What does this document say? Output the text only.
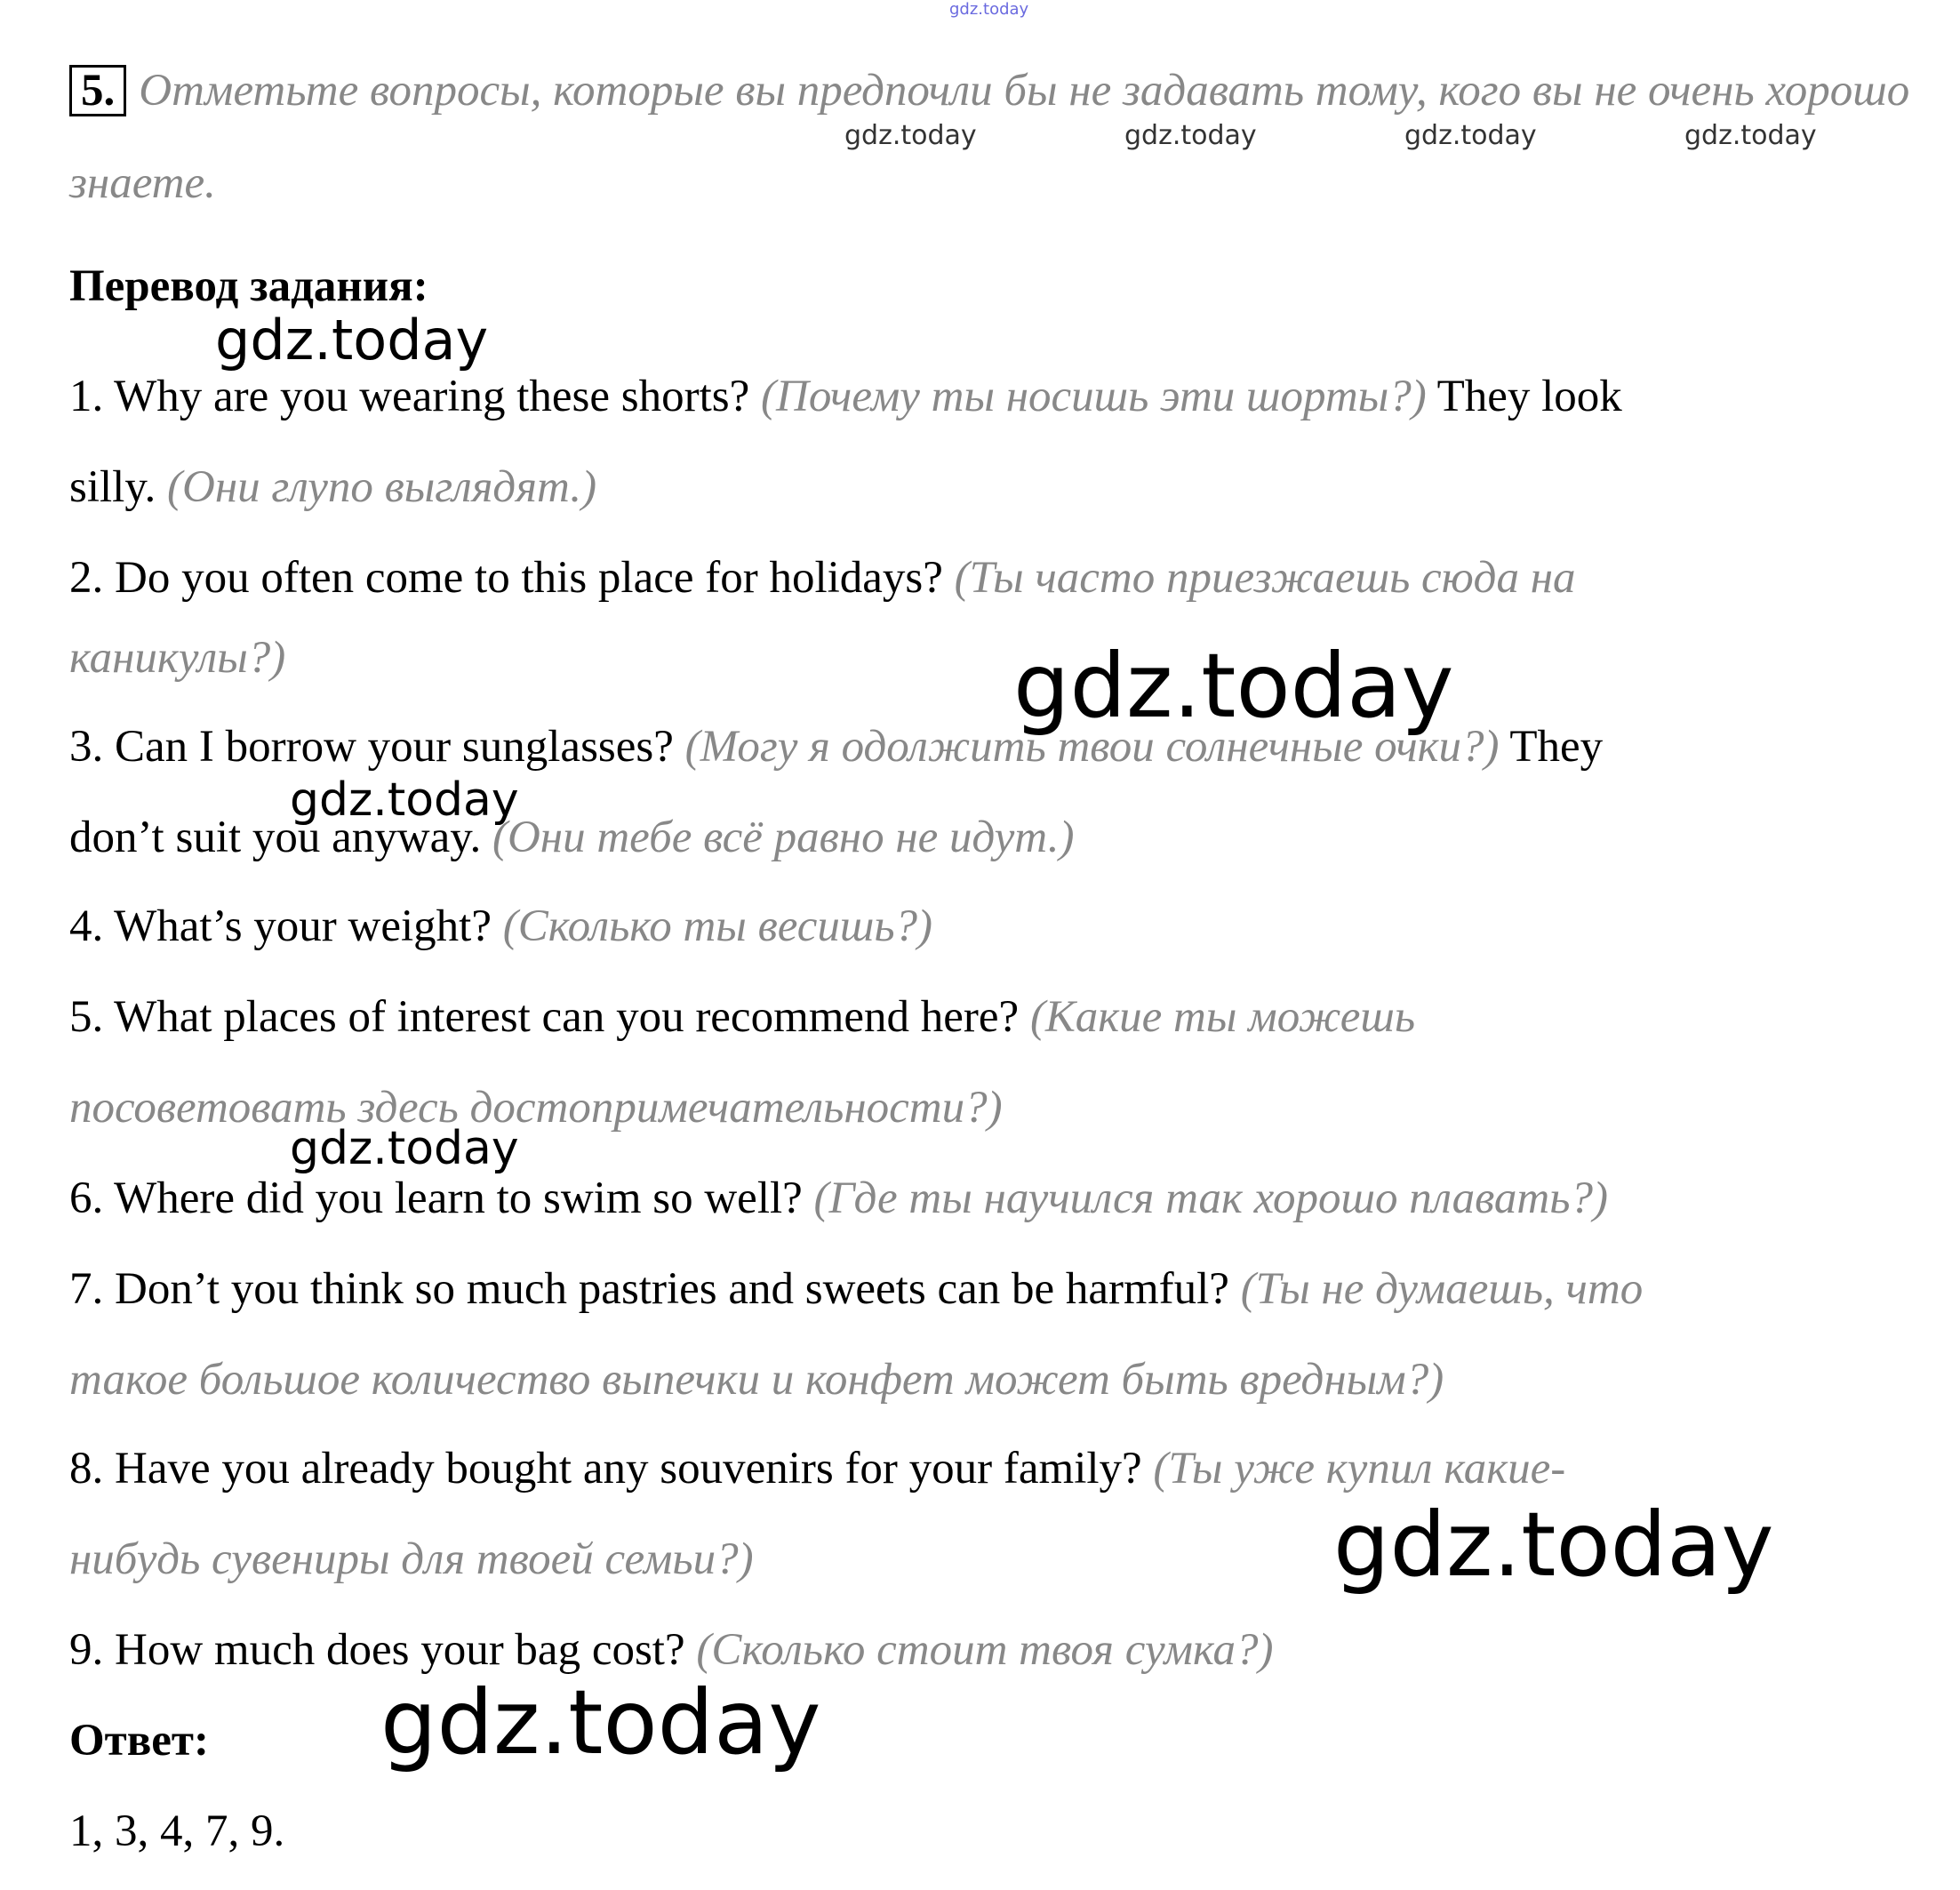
gdz.today
gdz.today	gdz.today	gdz.today	gdz.today
gdz.today
gdz.today
gdz.today
gdz.today
gdz.today
gdz.today
5. Отметьте вопросы, которые вы предпочли бы не задавать тому, кого вы не очень хорошо
знаете.
Перевод задания:
1. Why are you wearing these shorts? (Почему ты носишь эти шорты?) They look
silly. (Они глупо выглядят.)
2. Do you often come to this place for holidays? (Ты часто приезжаешь сюда на
каникулы?)
3. Can I borrow your sunglasses? (Могу я одолжить твои солнечные очки?) They
don’t suit you anyway. (Они тебе всё равно не идут.)
4. What’s your weight? (Сколько ты весишь?)
5. What places of interest can you recommend here? (Какие ты можешь
посоветовать здесь достопримечательности?)
6. Where did you learn to swim so well? (Где ты научился так хорошо плавать?)
7. Don’t you think so much pastries and sweets can be harmful? (Ты не думаешь, что
такое большое количество выпечки и конфет может быть вредным?)
8. Have you already bought any souvenirs for your family? (Ты уже купил какие-
нибудь сувениры для твоей семьи?)
9. How much does your bag cost? (Сколько стоит твоя сумка?)
Ответ:
1, 3, 4, 7, 9.
